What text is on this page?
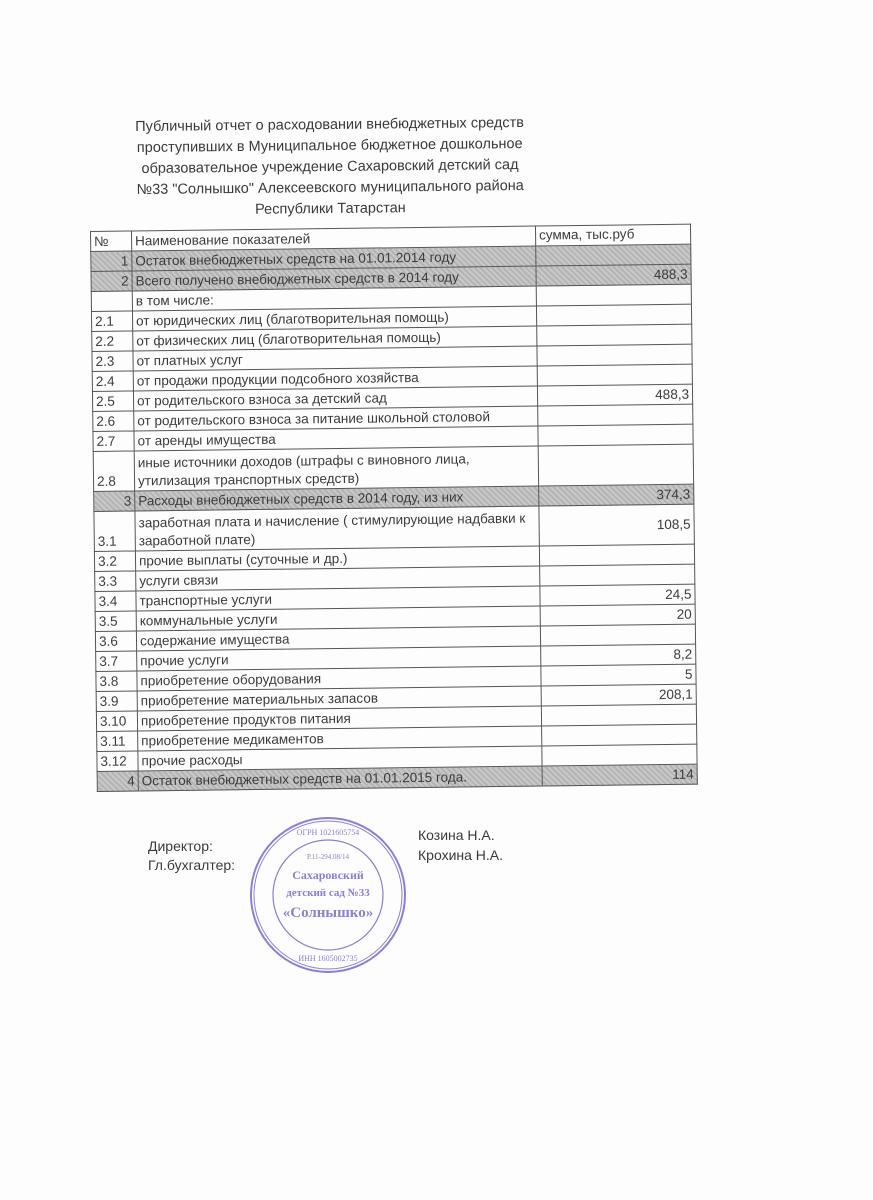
Публичный отчет о расходовании внебюджетных средств
проступивших в Муниципальное бюджетное дошкольное
образовательное учреждение Сахаровский детский сад
№33 "Солнышко" Алексеевского муниципального района
Республики Татарстан
№	Наименование показателей	сумма, тыс.руб
1	Остаток внебюджетных средств на 01.01.2014 году	
2	Всего получено внебюджетных средств в 2014 году	488,3
	в том числе:	
2.1	от юридических лиц (благотворительная помощь)	
2.2	от физических лиц (благотворительная помощь)	
2.3	от платных услуг	
2.4	от продажи продукции подсобного хозяйства	
2.5	от родительского взноса за детский сад	488,3
2.6	от родительского взноса за питание школьной столовой	
2.7	от аренды имущества	
2.8	иные источники доходов (штрафы с виновного лица, утилизация транспортных средств)	
3	Расходы внебюджетных средств в 2014 году, из них	374,3
3.1	заработная плата и начисление ( стимулирующие надбавки к заработной плате)	108,5
3.2	прочие выплаты (суточные и др.)	
3.3	услуги связи	
3.4	транспортные услуги	24,5
3.5	коммунальные услуги	20
3.6	содержание имущества	
3.7	прочие услуги	8,2
3.8	приобретение оборудования	5
3.9	приобретение материальных запасов	208,1
3.10	приобретение продуктов питания	
3.11	приобретение медикаментов	
3.12	прочие расходы	
4	Остаток внебюджетных средств на 01.01.2015 года.	114
Директор:
Гл.бухгалтер:
Козина Н.А.
Крохина Н.А.
ОГРН 1021605754
Р.11-294.08/14
Сахаровский
детский сад №33
«Солнышко»
ИНН 1605002735
